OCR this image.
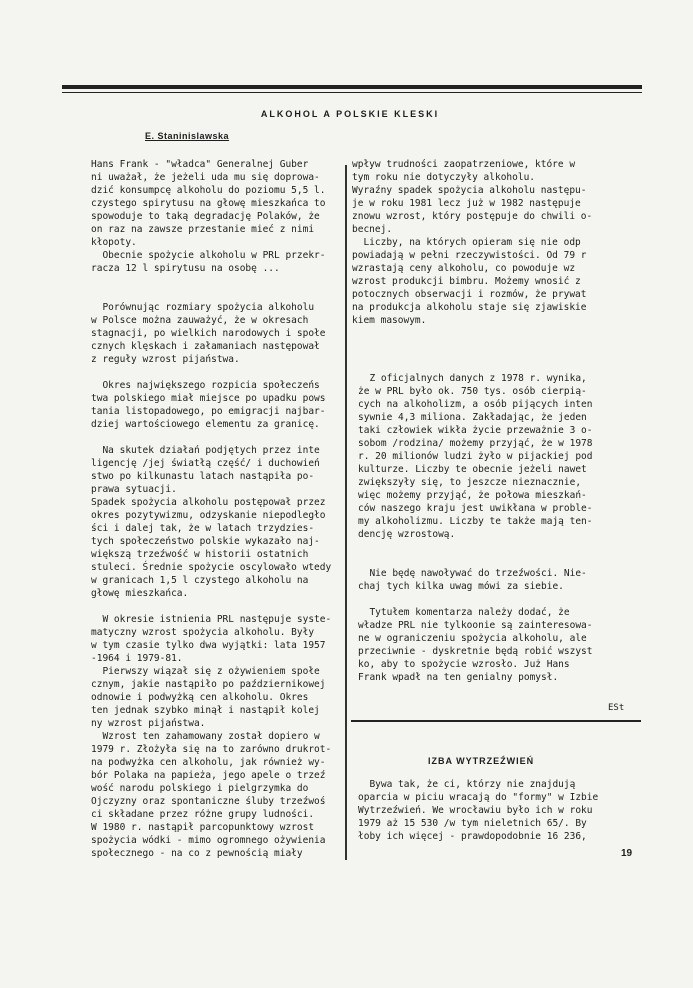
ALKOHOL A POLSKIE KLESKI
E. Staninislawska

Hans Frank - "władca" Generalnej Guber

ni uważał, że jeżeli uda mu się doprowa-

dzić konsumpcę alkoholu do poziomu 5,5 l.

czystego spirytusu na głowę mieszkańca to

spowoduje to taką degradację Polaków, że

on raz na zawsze przestanie mieć z nimi

kłopoty.

Obecnie spożycie alkoholu w PRL przekr-

racza 12 l spirytusu na osobę ...

Porównując rozmiary spożycia alkoholu

w Polsce można zauważyć, że w okresach

stagnacji, po wielkich narodowych i społe

cznych klęskach i załamaniach następował

z reguły wzrost pijaństwa.

Okres największego rozpicia społeczeńs

twa polskiego miał miejsce po upadku pows

tania listopadowego, po emigracji najbar-

dziej wartościowego elementu za granicę.

Na skutek działań podjętych przez inte

ligencję /jej światłą część/ i duchowień

stwo po kilkunastu latach nastąpiła po-

prawa sytuacji.

Spadek spożycia alkoholu postępował przez

okres pozytywizmu, odzyskanie niepodległo

ści i dalej tak, że w latach trzydzies-

tych społeczeństwo polskie wykazało naj-

większą trzeźwość w historii ostatnich

stuleci. Średnie spożycie oscylowało wtedy

w granicach 1,5 l czystego alkoholu na

głowę mieszkańca.

W okresie istnienia PRL następuje syste-

matyczny wzrost spożycia alkoholu. Były

w tym czasie tylko dwa wyjątki: lata 1957

-1964 i 1979-81.

Pierwszy wiązał się z ożywieniem społe

cznym, jakie nastąpiło po październikowej

odnowie i podwyżką cen alkoholu. Okres

ten jednak szybko minął i nastąpił kolej

ny wzrost pijaństwa.

Wzrost ten zahamowany został dopiero w

1979 r. Złożyła się na to zarówno drukrot-

na podwyżka cen alkoholu, jak również wy-

bór Polaka na papieża, jego apele o trzeź

wość narodu polskiego i pielgrzymka do

Ojczyzny oraz spontaniczne śluby trzeźwoś

ci składane przez różne grupy ludności.

W 1980 r. nastąpił parcopunktowy wzrost

spożycia wódki - mimo ogromnego ożywienia

społecznego - na co z pewnością miały

wpływ trudności zaopatrzeniowe, które w

tym roku nie dotyczyły alkoholu.

Wyraźny spadek spożycia alkoholu następu-

je w roku 1981 lecz już w 1982 następuje

znowu wzrost, który postępuje do chwili o-

becnej.

Liczby, na których opieram się nie odp

powiadają w pełni rzeczywistości. Od 79 r

wzrastają ceny alkoholu, co powoduje wz

wzrost produkcji bimbru. Możemy wnosić z

potocznych obserwacji i rozmów, że prywat

na produkcja alkoholu staje się zjawiskie

kiem masowym.

Z oficjalnych danych z 1978 r. wynika,

że w PRL było ok. 750 tys. osób cierpią-

cych na alkoholizm, a osób pijących inten

sywnie 4,3 miliona. Zakładając, że jeden

taki człowiek wikła życie przeważnie 3 o-

sobom /rodzina/ możemy przyjąć, że w 1978

r. 20 milionów ludzi żyło w pijackiej pod

kulturze. Liczby te obecnie jeżeli nawet

zwiększyły się, to jeszcze nieznacznie,

więc możemy przyjąć, że połowa mieszkań-

ców naszego kraju jest uwikłana w proble-

my alkoholizmu. Liczby te także mają ten-

dencję wzrostową.

Nie będę nawoływać do trzeźwości. Nie-

chaj tych kilka uwag mówi za siebie.

Tytułem komentarza należy dodać, że

władze PRL nie tylkoonie są zainteresowa-

ne w ograniczeniu spożycia alkoholu, ale

przeciwnie - dyskretnie będą robić wszyst

ko, aby to spożycie wzrosło. Już Hans

Frank wpadł na ten genialny pomysł.

ESt
IZBA WYTRZEŹWIEŃ

Bywa tak, że ci, którzy nie znajdują

oparcia w piciu wracają do "formy" w Izbie

Wytrzeźwień. We wrocławiu było ich w roku

1979 aż 15 530 /w tym nieletnich 65/. By

łoby ich więcej - prawdopodobnie 16 236,

19
